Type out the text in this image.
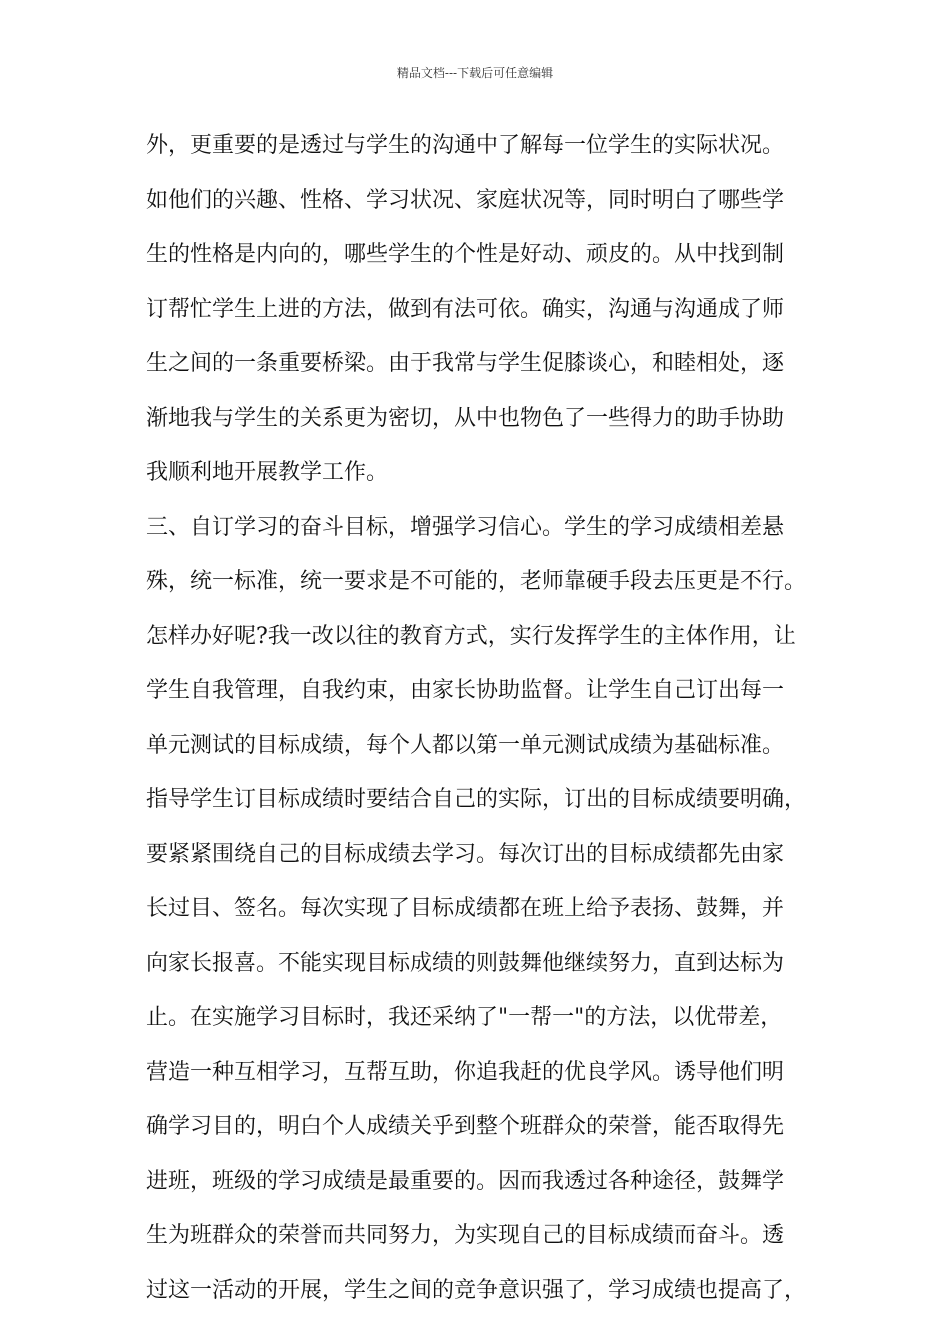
精品文档---下载后可任意编辑
外，更重要的是透过与学生的沟通中了解每一位学生的实际状况。
如他们的兴趣、性格、学习状况、家庭状况等，同时明白了哪些学
生的性格是内向的，哪些学生的个性是好动、顽皮的。从中找到制
订帮忙学生上进的方法，做到有法可依。确实，沟通与沟通成了师
生之间的一条重要桥梁。由于我常与学生促膝谈心，和睦相处，逐
渐地我与学生的关系更为密切，从中也物色了一些得力的助手协助
我顺利地开展教学工作。
三、自订学习的奋斗目标，增强学习信心。学生的学习成绩相差悬
殊，统一标准，统一要求是不可能的，老师靠硬手段去压更是不行。
怎样办好呢?我一改以往的教育方式，实行发挥学生的主体作用，让
学生自我管理，自我约束，由家长协助监督。让学生自己订出每一
单元测试的目标成绩，每个人都以第一单元测试成绩为基础标准。
指导学生订目标成绩时要结合自己的实际，订出的目标成绩要明确，
要紧紧围绕自己的目标成绩去学习。每次订出的目标成绩都先由家
长过目、签名。每次实现了目标成绩都在班上给予表扬、鼓舞，并
向家长报喜。不能实现目标成绩的则鼓舞他继续努力，直到达标为
止。在实施学习目标时，我还采纳了"一帮一"的方法，以优带差，
营造一种互相学习，互帮互助，你追我赶的优良学风。诱导他们明
确学习目的，明白个人成绩关乎到整个班群众的荣誉，能否取得先
进班，班级的学习成绩是最重要的。因而我透过各种途径，鼓舞学
生为班群众的荣誉而共同努力，为实现自己的目标成绩而奋斗。透
过这一活动的开展，学生之间的竞争意识强了，学习成绩也提高了，
